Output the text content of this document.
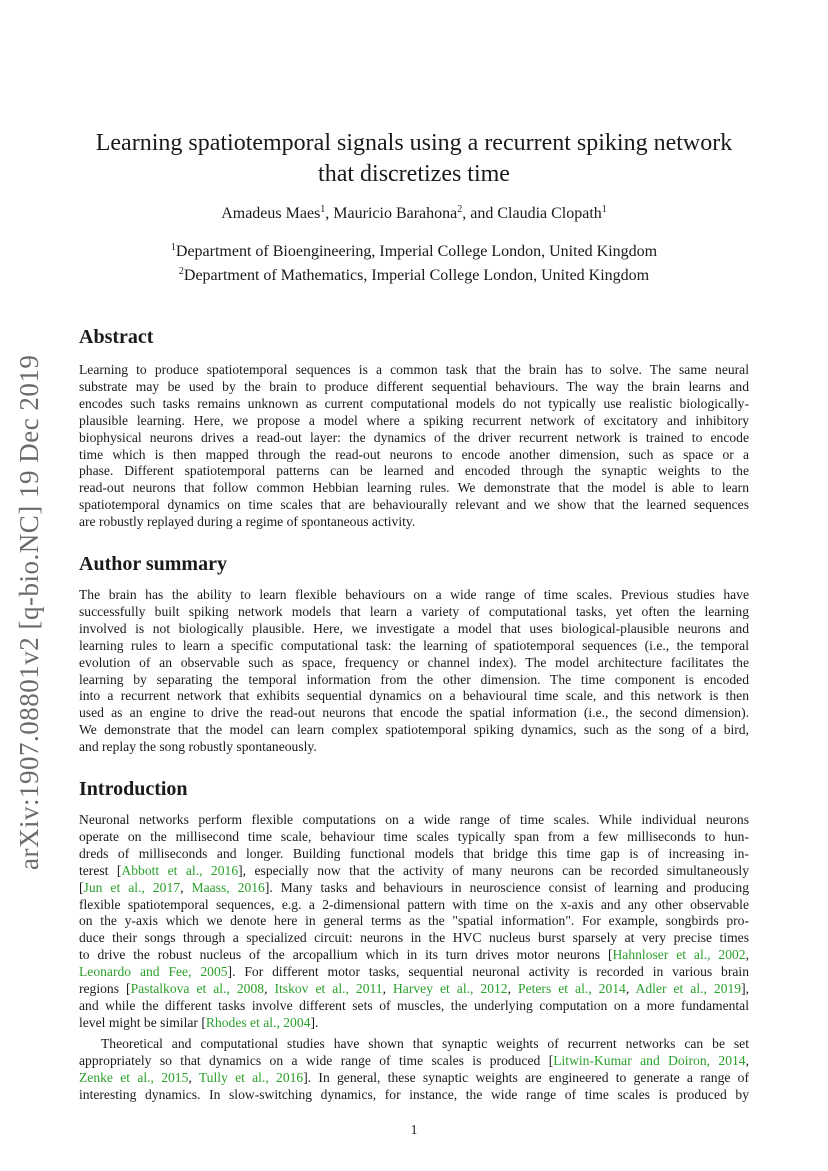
arXiv:1907.08801v2 [q-bio.NC] 19 Dec 2019
Learning spatiotemporal signals using a recurrent spiking network
that discretizes time
Amadeus Maes$^1$, Mauricio Barahona$^2$, and Claudia Clopath$^1$
$^1$Department of Bioengineering, Imperial College London, United Kingdom
$^2$Department of Mathematics, Imperial College London, United Kingdom
Abstract
Learning to produce spatiotemporal sequences is a common task that the brain has to solve. The same neural
substrate may be used by the brain to produce different sequential behaviours. The way the brain learns and
encodes such tasks remains unknown as current computational models do not typically use realistic biologically-
plausible learning. Here, we propose a model where a spiking recurrent network of excitatory and inhibitory
biophysical neurons drives a read-out layer: the dynamics of the driver recurrent network is trained to encode
time which is then mapped through the read-out neurons to encode another dimension, such as space or a
phase. Different spatiotemporal patterns can be learned and encoded through the synaptic weights to the
read-out neurons that follow common Hebbian learning rules. We demonstrate that the model is able to learn
spatiotemporal dynamics on time scales that are behaviourally relevant and we show that the learned sequences
are robustly replayed during a regime of spontaneous activity.
Author summary
The brain has the ability to learn flexible behaviours on a wide range of time scales. Previous studies have
successfully built spiking network models that learn a variety of computational tasks, yet often the learning
involved is not biologically plausible. Here, we investigate a model that uses biological-plausible neurons and
learning rules to learn a specific computational task: the learning of spatiotemporal sequences (i.e., the temporal
evolution of an observable such as space, frequency or channel index). The model architecture facilitates the
learning by separating the temporal information from the other dimension. The time component is encoded
into a recurrent network that exhibits sequential dynamics on a behavioural time scale, and this network is then
used as an engine to drive the read-out neurons that encode the spatial information (i.e., the second dimension).
We demonstrate that the model can learn complex spatiotemporal spiking dynamics, such as the song of a bird,
and replay the song robustly spontaneously.
Introduction
Neuronal networks perform flexible computations on a wide range of time scales. While individual neurons
operate on the millisecond time scale, behaviour time scales typically span from a few milliseconds to hun-
dreds of milliseconds and longer. Building functional models that bridge this time gap is of increasing in-
terest [Abbott et al., 2016], especially now that the activity of many neurons can be recorded simultaneously
[Jun et al., 2017, Maass, 2016]. Many tasks and behaviours in neuroscience consist of learning and producing
flexible spatiotemporal sequences, e.g. a 2-dimensional pattern with time on the x-axis and any other observable
on the y-axis which we denote here in general terms as the "spatial information". For example, songbirds pro-
duce their songs through a specialized circuit: neurons in the HVC nucleus burst sparsely at very precise times
to drive the robust nucleus of the arcopallium which in its turn drives motor neurons [Hahnloser et al., 2002,
Leonardo and Fee, 2005]. For different motor tasks, sequential neuronal activity is recorded in various brain
regions [Pastalkova et al., 2008, Itskov et al., 2011, Harvey et al., 2012, Peters et al., 2014, Adler et al., 2019],
and while the different tasks involve different sets of muscles, the underlying computation on a more fundamental
level might be similar [Rhodes et al., 2004].
Theoretical and computational studies have shown that synaptic weights of recurrent networks can be set
appropriately so that dynamics on a wide range of time scales is produced [Litwin-Kumar and Doiron, 2014,
Zenke et al., 2015, Tully et al., 2016]. In general, these synaptic weights are engineered to generate a range of
interesting dynamics. In slow-switching dynamics, for instance, the wide range of time scales is produced by
1
